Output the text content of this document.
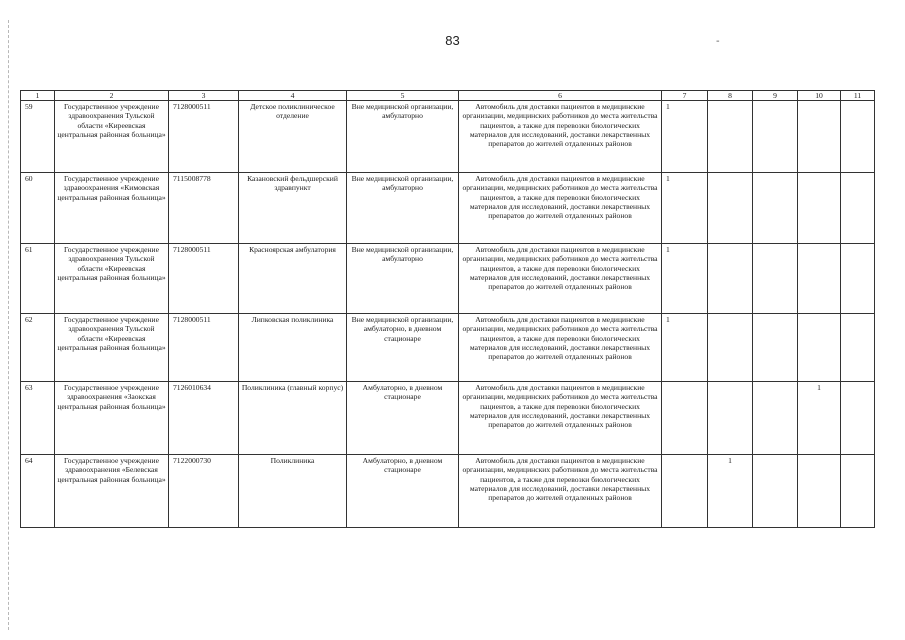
83	-
1	2	3	4	5	6	7	8	9	10	11
59	Государственное учреждение здравоохранения Тульской области «Киреевская центральная районная больница»	7128000511	Детское поликлиническое отделение	Вне медицинской организации, амбулаторно	Автомобиль для доставки пациентов в медицинские организации, медицинских работников до места жительства пациентов, а также для перевозки биологических материалов для исследований, доставки лекарственных препаратов до жителей отдаленных районов	1				
60	Государственное учреждение здравоохранения «Кимовская центральная районная больница»	7115008778	Казановский фельдшерский здравпункт	Вне медицинской организации, амбулаторно	Автомобиль для доставки пациентов в медицинские организации, медицинских работников до места жительства пациентов, а также для перевозки биологических материалов для исследований, доставки лекарственных препаратов до жителей отдаленных районов	1				
61	Государственное учреждение здравоохранения Тульской области «Киреевская центральная районная больница»	7128000511	Красноярская амбулатория	Вне медицинской организации, амбулаторно	Автомобиль для доставки пациентов в медицинские организации, медицинских работников до места жительства пациентов, а также для перевозки биологических материалов для исследований, доставки лекарственных препаратов до жителей отдаленных районов	1				
62	Государственное учреждение здравоохранения Тульской области «Киреевская центральная районная больница»	7128000511	Липковская поликлиника	Вне медицинской организации, амбулаторно, в дневном стационаре	Автомобиль для доставки пациентов в медицинские организации, медицинских работников до места жительства пациентов, а также для перевозки биологических материалов для исследований, доставки лекарственных препаратов до жителей отдаленных районов	1				
63	Государственное учреждение здравоохранения «Заокская центральная районная больница»	7126010634	Поликлиника (главный корпус)	Амбулаторно, в дневном стационаре	Автомобиль для доставки пациентов в медицинские организации, медицинских работников до места жительства пациентов, а также для перевозки биологических материалов для исследований, доставки лекарственных препаратов до жителей отдаленных районов				1	
64	Государственное учреждение здравоохранения «Белевская центральная районная больница»	7122000730	Поликлиника	Амбулаторно, в дневном стационаре	Автомобиль для доставки пациентов в медицинские организации, медицинских работников до места жительства пациентов, а также для перевозки биологических материалов для исследований, доставки лекарственных препаратов до жителей отдаленных районов		1			
